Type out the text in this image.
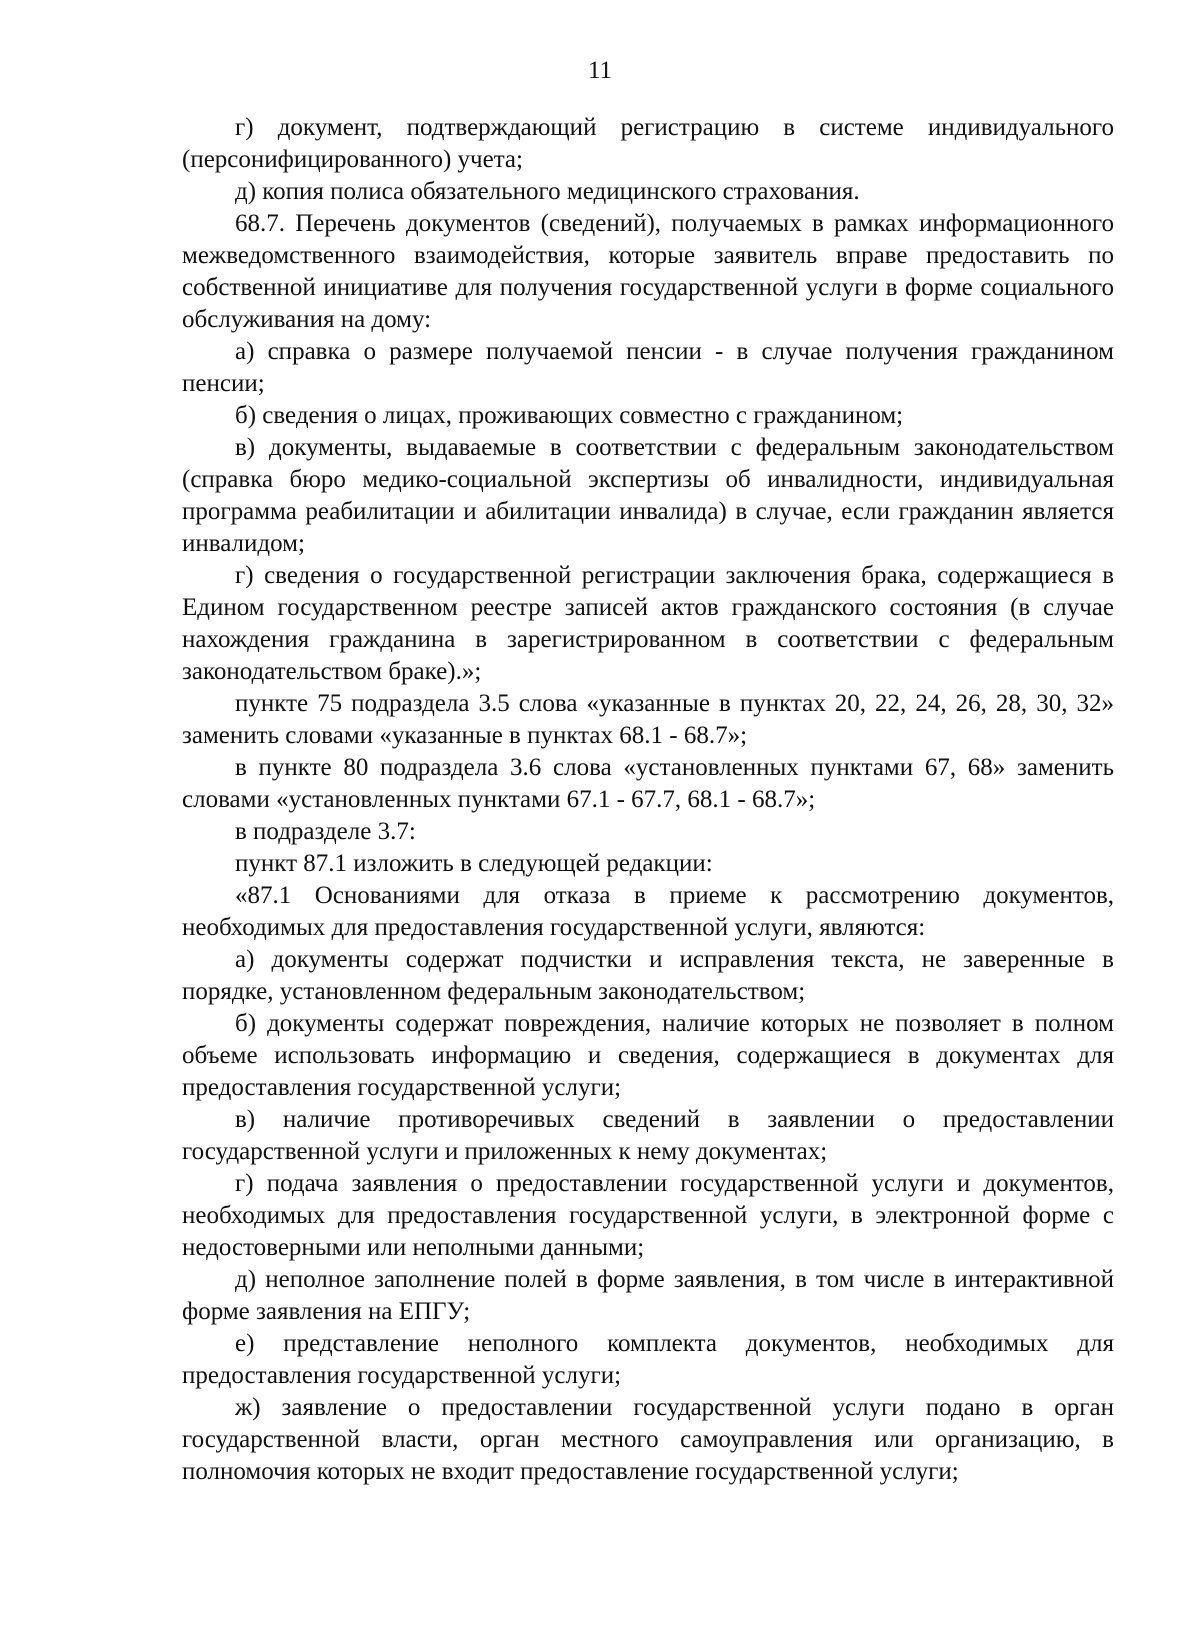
11

г) документ, подтверждающий регистрацию в системе индивидуального (персонифицированного) учета;

д) копия полиса обязательного медицинского страхования.

68.7. Перечень документов (сведений), получаемых в рамках информационного межведомственного взаимодействия, которые заявитель вправе предоставить по собственной инициативе для получения государственной услуги в форме социального обслуживания на дому:

а) справка о размере получаемой пенсии - в случае получения гражданином пенсии;

б) сведения о лицах, проживающих совместно с гражданином;

в) документы, выдаваемые в соответствии с федеральным законодательством (справка бюро медико-социальной экспертизы об инвалидности, индивидуальная программа реабилитации и абилитации инвалида) в случае, если гражданин является инвалидом;

г) сведения о государственной регистрации заключения брака, содержащиеся в Едином государственном реестре записей актов гражданского состояния (в случае нахождения гражданина в зарегистрированном в соответствии с федеральным законодательством браке).»;

пункте 75 подраздела 3.5 слова «указанные в пунктах 20, 22, 24, 26, 28, 30, 32» заменить словами «указанные в пунктах 68.1 - 68.7»;

в пункте 80 подраздела 3.6 слова «установленных пунктами 67, 68» заменить словами «установленных пунктами 67.1 - 67.7, 68.1 - 68.7»;

в подразделе 3.7:

пункт 87.1 изложить в следующей редакции:

«87.1 Основаниями для отказа в приеме к рассмотрению документов, необходимых для предоставления государственной услуги, являются:

а) документы содержат подчистки и исправления текста, не заверенные в порядке, установленном федеральным законодательством;

б) документы содержат повреждения, наличие которых не позволяет в полном объеме использовать информацию и сведения, содержащиеся в документах для предоставления государственной услуги;

в) наличие противоречивых сведений в заявлении о предоставлении государственной услуги и приложенных к нему документах;

г) подача заявления о предоставлении государственной услуги и документов, необходимых для предоставления государственной услуги, в электронной форме с недостоверными или неполными данными;

д) неполное заполнение полей в форме заявления, в том числе в интерактивной форме заявления на ЕПГУ;

е) представление неполного комплекта документов, необходимых для предоставления государственной услуги;

ж) заявление о предоставлении государственной услуги подано в орган государственной власти, орган местного самоуправления или организацию, в полномочия которых не входит предоставление государственной услуги;
